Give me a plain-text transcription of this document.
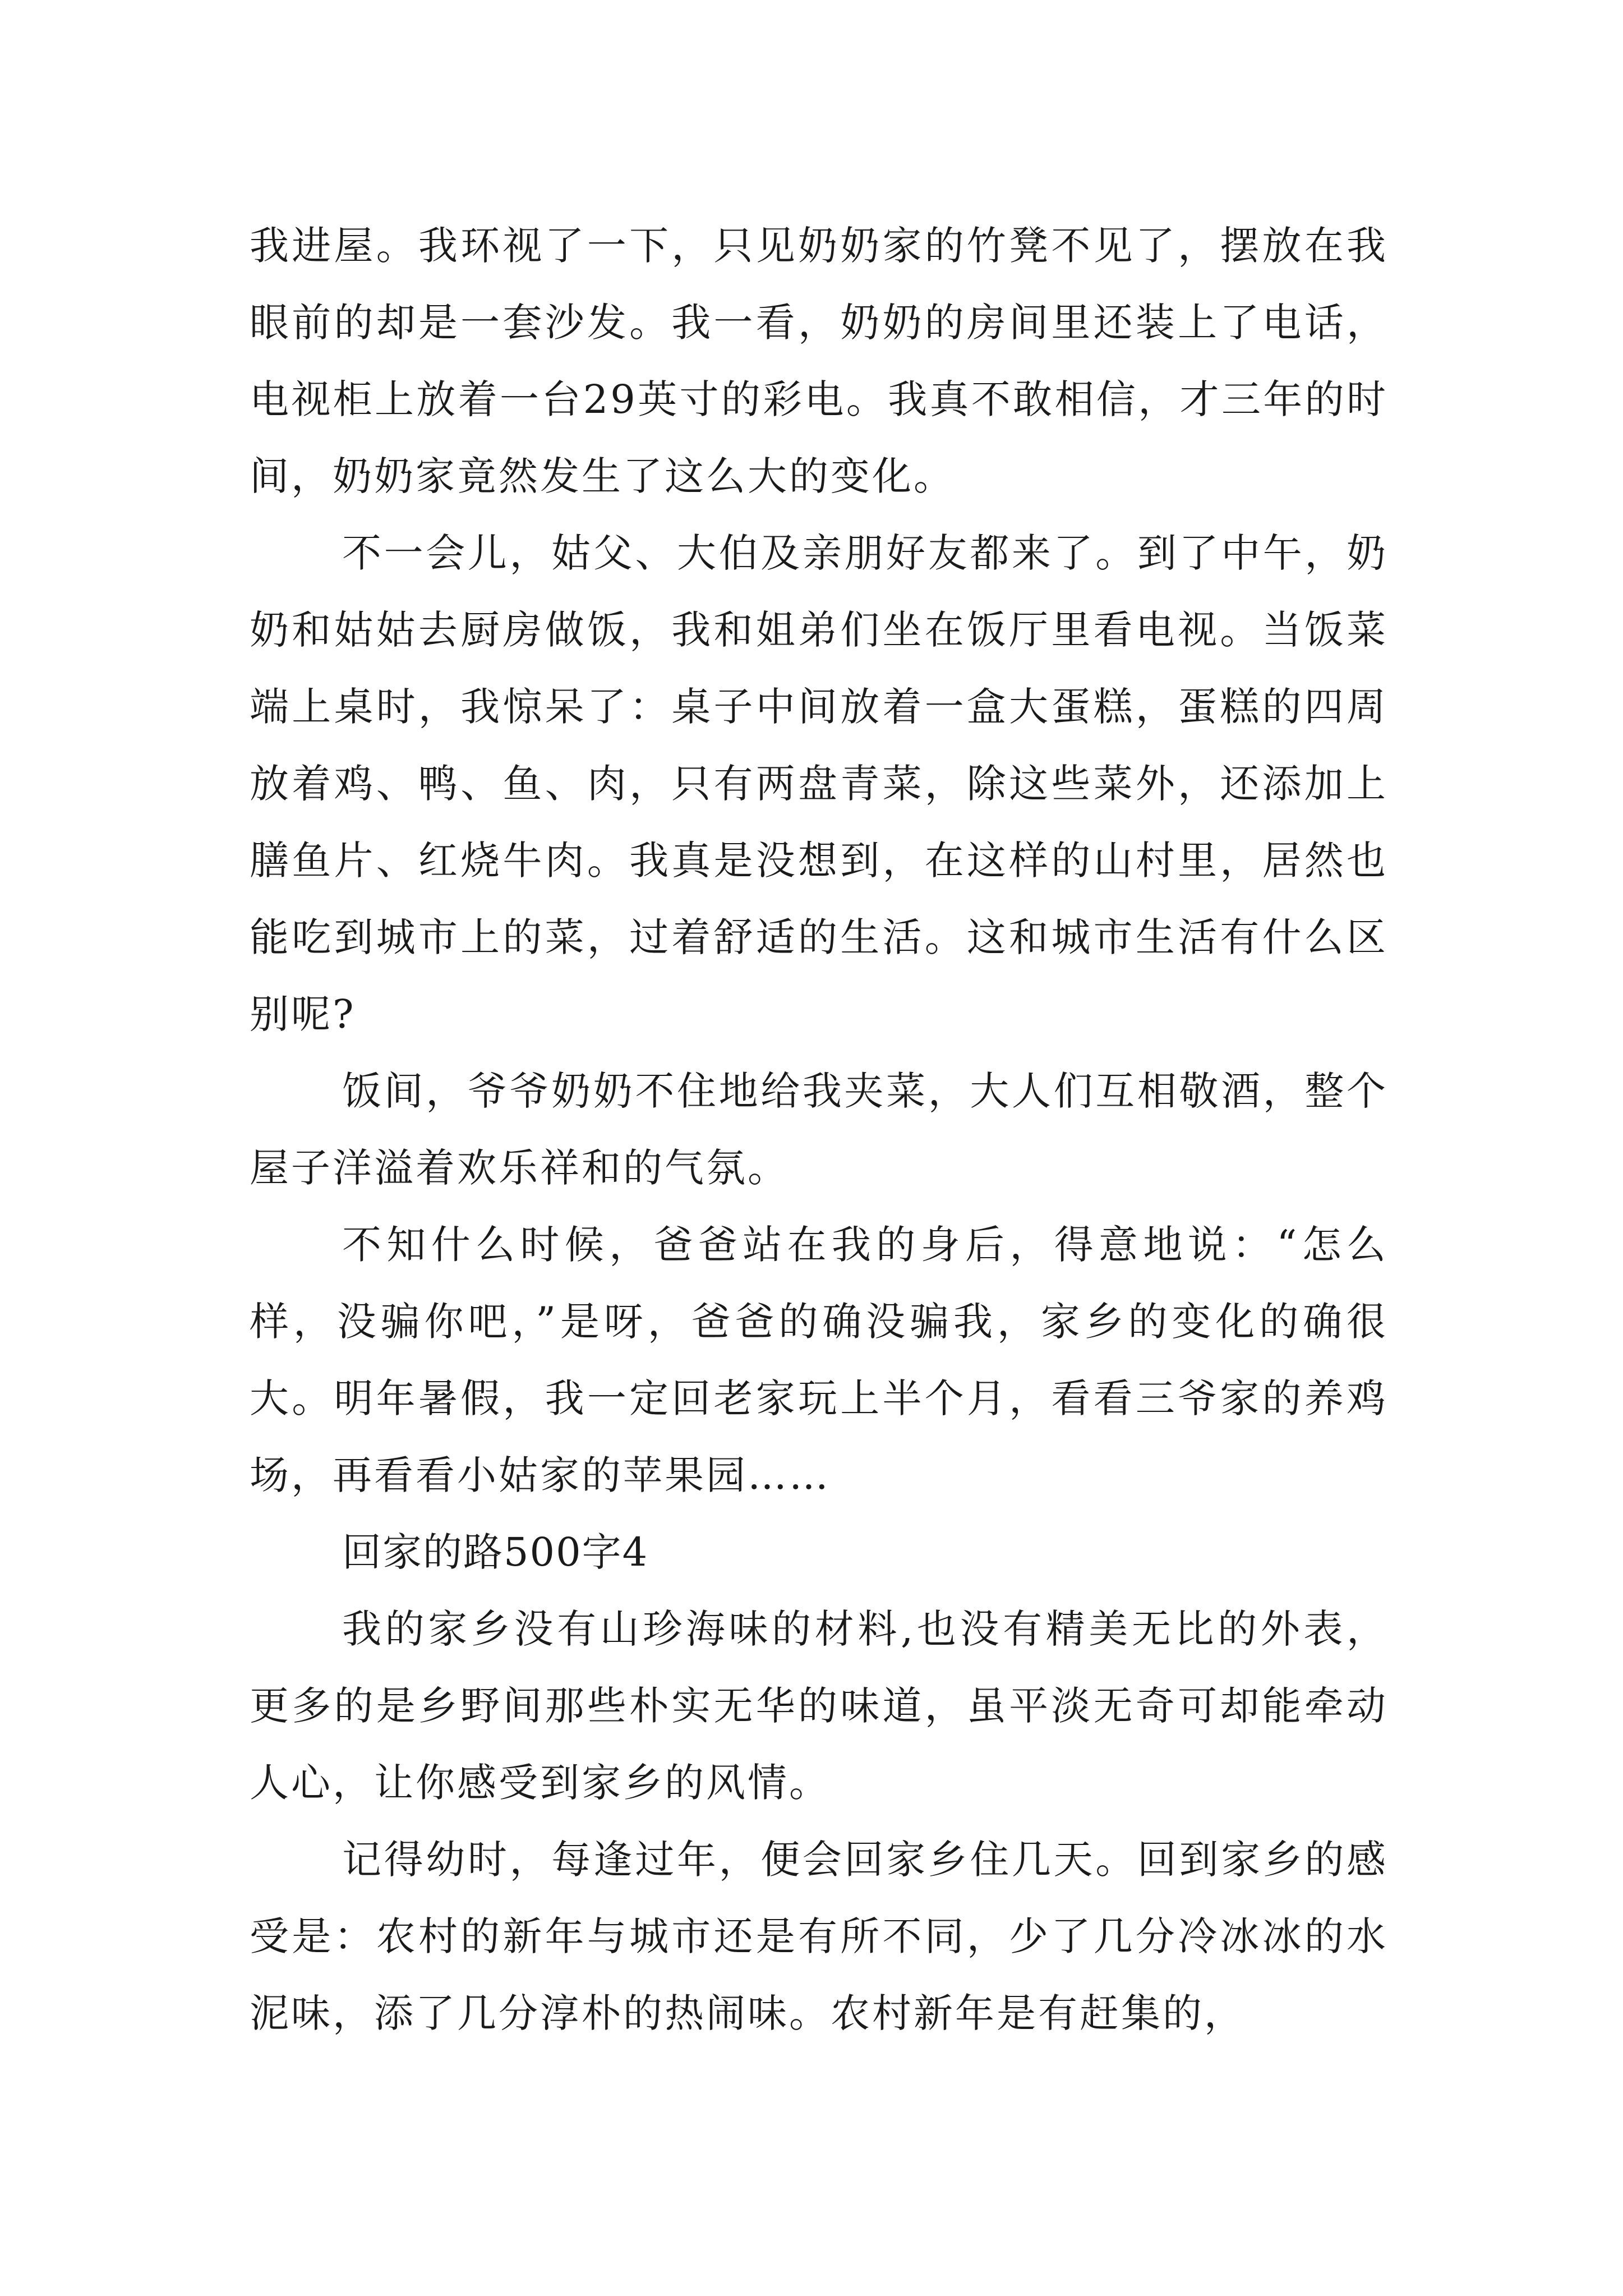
我进屋。我环视了一下，只见奶奶家的竹凳不见了，摆放在我眼前的却是一套沙发。我一看，奶奶的房间里还装上了电话，电视柜上放着一台29英寸的彩电。我真不敢相信，才三年的时间，奶奶家竟然发生了这么大的变化。

不一会儿，姑父、大伯及亲朋好友都来了。到了中午，奶奶和姑姑去厨房做饭，我和姐弟们坐在饭厅里看电视。当饭菜端上桌时，我惊呆了：桌子中间放着一盒大蛋糕，蛋糕的四周放着鸡、鸭、鱼、肉，只有两盘青菜，除这些菜外，还添加上膳鱼片、红烧牛肉。我真是没想到，在这样的山村里，居然也能吃到城市上的菜，过着舒适的生活。这和城市生活有什么区别呢?

饭间，爷爷奶奶不住地给我夹菜，大人们互相敬酒，整个屋子洋溢着欢乐祥和的气氛。

不知什么时候，爸爸站在我的身后，得意地说：“怎么样，没骗你吧，”是呀，爸爸的确没骗我，家乡的变化的确很大。明年暑假，我一定回老家玩上半个月，看看三爷家的养鸡场，再看看小姑家的苹果园……

回家的路500字4

我的家乡没有山珍海味的材料,也没有精美无比的外表，更多的是乡野间那些朴实无华的味道，虽平淡无奇可却能牵动人心，让你感受到家乡的风情。

记得幼时，每逢过年，便会回家乡住几天。回到家乡的感受是：农村的新年与城市还是有所不同，少了几分冷冰冰的水泥味，添了几分淳朴的热闹味。农村新年是有赶集的，
